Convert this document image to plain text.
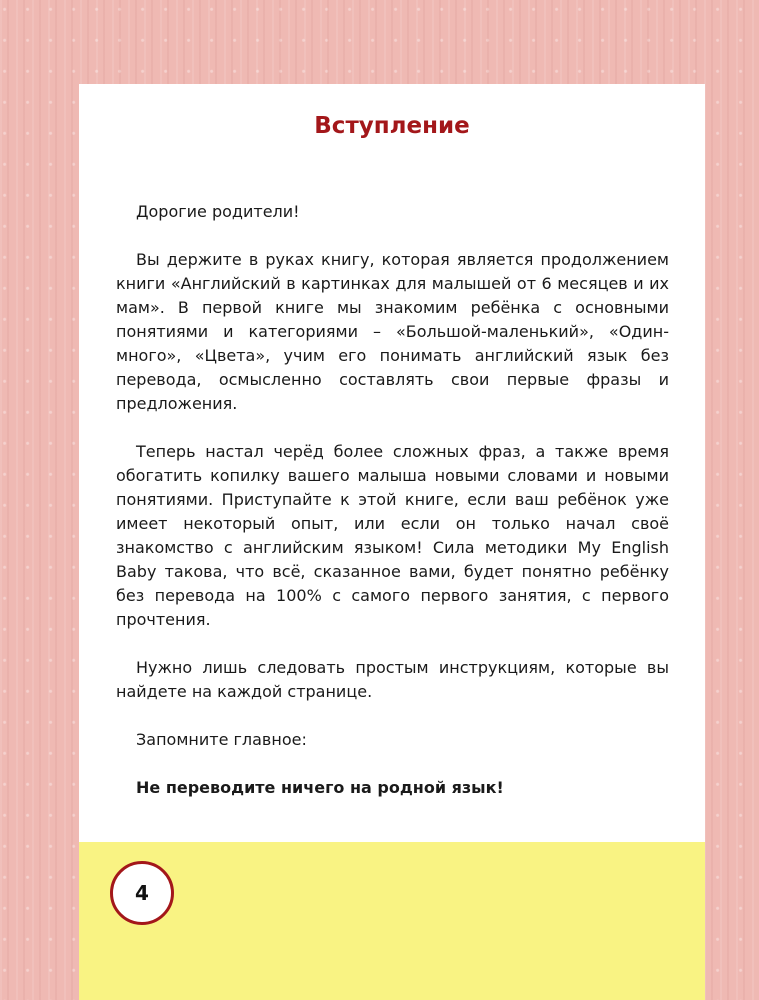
Вступление

Дорогие родители!

Вы держите в руках книгу, которая является продолжением книги «Английский в картинках для малышей от 6 месяцев и их мам». В первой книге мы знакомим ребёнка с основными понятиями и категориями – «Большой-маленький», «Один-много», «Цвета», учим его понимать английский язык без перевода, осмысленно составлять свои первые фразы и предложения.

Теперь настал черёд более сложных фраз, а также время обогатить копилку вашего малыша новыми словами и новыми понятиями. Приступайте к этой книге, если ваш ребёнок уже имеет некоторый опыт, или если он только начал своё знакомство с английским языком! Сила методики My English Baby такова, что всё, сказанное вами, будет понятно ребёнку без перевода на 100% с самого первого занятия, с первого прочтения.

Нужно лишь следовать простым инструкциям, которые вы найдете на каждой странице.

Запомните главное:

Не переводите ничего на родной язык!

4
